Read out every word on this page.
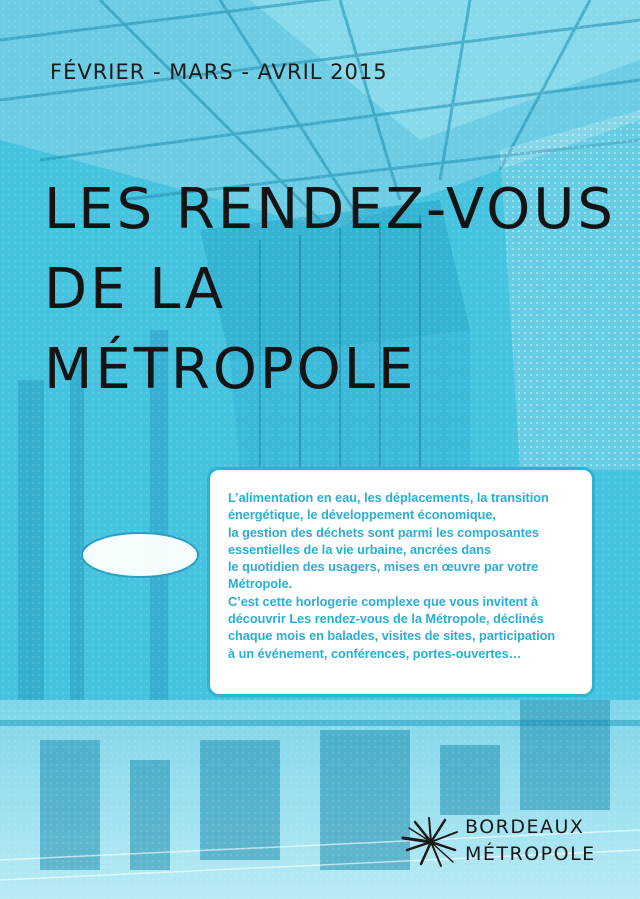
FÉVRIER - MARS - AVRIL 2015
LES RENDEZ-VOUS
DE LA
MÉTROPOLE

L’alimentation en eau, les déplacements, la transition

énergétique, le développement économique,

la gestion des déchets sont parmi les composantes

essentielles de la vie urbaine, ancrées dans

le quotidien des usagers, mises en œuvre par votre

Métropole.

C’est cette horlogerie complexe que vous invitent à

découvrir Les rendez-vous de la Métropole, déclinés

chaque mois en balades, visites de sites, participation

à un événement, conférences, portes-ouvertes…

BORDEAUX
MÉTROPOLE
